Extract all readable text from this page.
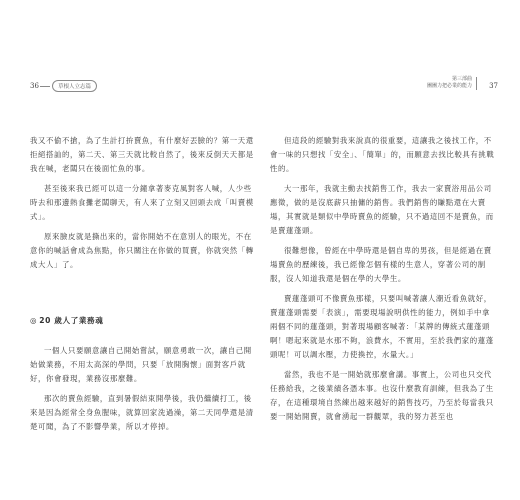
36	草根人立志篇

我又不偷不搶，為了生計打拚賣魚，有什麼好丟臉的？第一天還拒絕搭訕的，第二天、第三天就比較自然了，後來反倒天天都是我在喊，老闆只在後面忙魚的事。

甚至後來我已經可以這一分鐘拿著麥克風對客人喊，人少些時去和那邊熱食攤老闆聊天，有人來了立刻又回頭去成「叫賣模式」。

原來臉皮就是撕出來的，當你開始不在意別人的眼光，不在意你的喊話會成為焦點，你只關注在你做的買賣，你就突然「轉成大人」了。

◎ 20 歲人了業務魂

一個人只要願意讓自己開始嘗試，願意勇敢一次，讓自己開始做業務，不用太高深的學問，只要「放開胸懷」面對客戶就好，你會發現，業務沒那麼難。

那次的賣魚經驗，直到暑假結束開學後，我仍繼續打工，後來是因為經常全身魚腥味，就算回家洗過澡，第二天同學還是清楚可聞，為了不影響學業，所以才停掉。

第三部曲
團團力把必業的能力 37

但這段的經驗對我來說真的很重要，這讓我之後找工作，不會一味的只想找「安全」、「簡單」的，而願意去找比較具有挑戰性的。

大一那年，我就主動去找銷售工作，我去一家賣浴用品公司應徵，做的是沒底薪只抽傭的銷售。我們銷售的賺點還在大賣場，其實就是類似中學時賣魚的經驗，只不過這回不是賣魚，而是賣蓮蓬頭。

很難想像，曾經在中學時還是個自卑的男孩，但是經過在賣場賣魚的歷練後，我已經像怎個有樣的生意人，穿著公司的制服，沒人知道我還是個在學的大學生。

賣蓮蓬頭可不像賣魚那樣，只要叫喊著讓人潮近看魚就好，賣蓮蓬頭需要「表演」，需要現場說明供性的能力，例如手中拿兩個不同的蓮蓬頭，對著現場顧客喊著：「某牌的傳統式蓮蓬頭啊！嗯起來就是水那不夠，浪費水，不實用，至於我們家的蓮蓬頭呢！可以調水壓，力使換控，水量大。」

當然，我也不是一開始就那麼會講。事實上，公司也只交代任務給我，之後業績各憑本事。也沒什麼教育訓練，但我為了生存，在這種環境自然練出越來越好的銷售技巧，乃至於每當我只要一開始開賣，就會湧起一群觀眾，我的努力甚至也
